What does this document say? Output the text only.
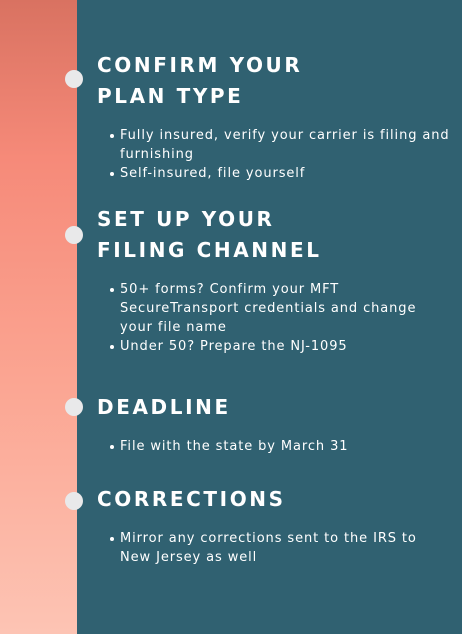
CONFIRM YOUR
PLAN TYPE
Fully insured, verify your carrier is filing and furnishing
Self-insured, file yourself
SET UP YOUR
FILING CHANNEL
50+ forms? Confirm your MFT SecureTransport credentials and change your file name
Under 50? Prepare the NJ-1095
DEADLINE
File with the state by March 31
CORRECTIONS
Mirror any corrections sent to the IRS to New Jersey as well
